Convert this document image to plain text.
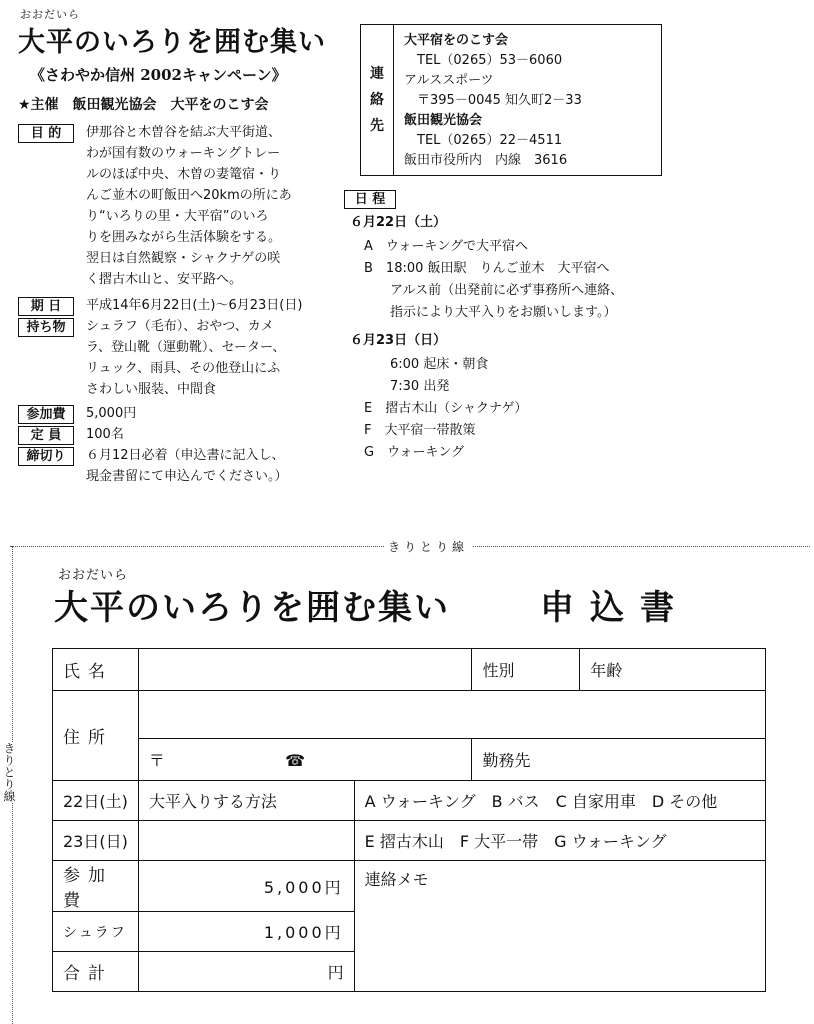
おおだいら
大平のいろりを囲む集い
《さわやか信州 2002キャンペーン》
★主催　飯田観光協会　大平をのこす会
目 的	伊那谷と木曽谷を結ぶ大平街道、
わが国有数のウォーキングトレー
ルのほぼ中央、木曽の妻篭宿・り
んご並木の町飯田へ20kmの所にあ
り“いろりの里・大平宿”のいろ
りを囲みながら生活体験をする。
翌日は自然観察・シャクナゲの咲
く摺古木山と、安平路へ。
期 日	平成14年6月22日(土)～6月23日(日)
持ち物	シュラフ（毛布）、おやつ、カメ
ラ、登山靴（運動靴）、セーター、
リュック、雨具、その他登山にふ
さわしい服装、中間食
参加費	5,000円
定 員	100名
締切り	６月12日必着（申込書に記入し、
現金書留にて申込んでください。）
連
絡
先
大平宿をのこす会
　TEL（0265）53－6060
アルススポーツ
　〒395－0045 知久町2－33
飯田観光協会
　TEL（0265）22－4511
飯田市役所内　内線　3616
日 程
６月22日（土）
A　ウォーキングで大平宿へ
B　18:00 飯田駅　りんご並木　大平宿へ
　　アルス前（出発前に必ず事務所へ連絡、
　　指示により大平入りをお願いします。）
６月23日（日）
　　6:00 起床・朝食
　　7:30 出発
E　摺古木山（シャクナゲ）
F　大平宿一帯散策
G　ウォーキング
きりとり線
きりとり線
おおだいら
大平のいろりを囲む集い	申込書
氏名			性別	年齢
住所				
	〒 ☎		勤務先	
22日(土)	大平入りする方法	A ウォーキング　B バス　C 自家用車　D その他		
23日(日)		E 摺古木山　F 大平一帯　G ウォーキング		
参加費	5,000円	連絡メモ		
シュラフ	1,000円			
合計	円			
